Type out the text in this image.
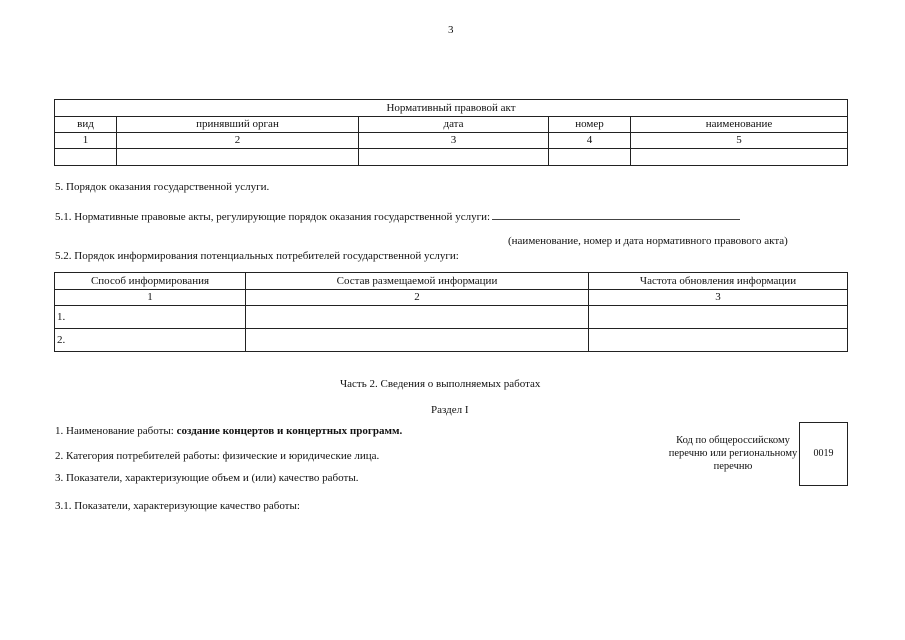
3
Нормативный правовой акт				
вид	принявший орган	дата	номер	наименование
1	2	3	4	5

5. Порядок оказания государственной услуги.
5.1. Нормативные правовые акты, регулирующие порядок оказания государственной услуги:
(наименование, номер и дата нормативного правового акта)
5.2. Порядок информирования потенциальных потребителей государственной услуги:
Способ информирования	Состав размещаемой информации	Частота обновления информации
1	2	3
1.		
2.		
Часть 2. Сведения о выполняемых работах
Раздел I
1. Наименование работы: создание концертов и концертных программ.
2. Категория потребителей работы: физические и юридические лица.
3. Показатели, характеризующие объем и (или) качество работы.
3.1. Показатели, характеризующие качество работы:
Код по общероссийскому перечню или региональному перечню
0019
